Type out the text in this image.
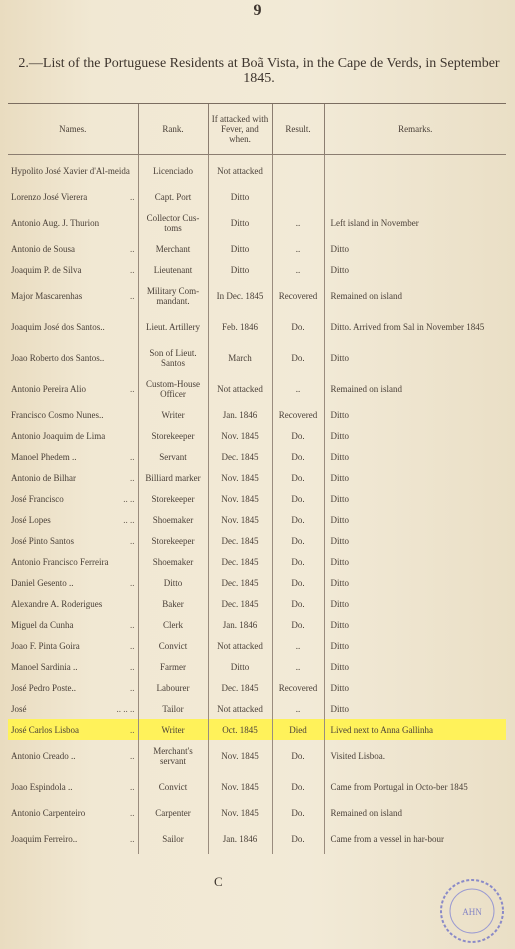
9
2.—List of the Portuguese Residents at Boã Vista, in the Cape de Verds, in September 1845.
Names.	Rank.	If attacked with Fever, and when.	Result.	Remarks.

Hypolito José Xavier d'Al-meida	Licenciado	Not attacked		

Lorenzo José Vierera ..	Capt. Port	Ditto		

Antonio Aug. J. Thurion	Collector Cus-toms	Ditto	..	Left island in November

Antonio de Sousa ..	Merchant	Ditto	..	Ditto

Joaquim P. de Silva ..	Lieutenant	Ditto	..	Ditto

Major Mascarenhas ..	Military Com-mandant.	In Dec. 1845	Recovered	Remained on island

Joaquim José dos Santos..	Lieut. Artillery	Feb. 1846	Do.	Ditto. Arrived from Sal in November 1845

Joao Roberto dos Santos..	Son of Lieut. Santos	March	Do.	Ditto

Antonio Pereira Alio ..	Custom-House Officer	Not attacked	..	Remained on island

Francisco Cosmo Nunes..	Writer	Jan. 1846	Recovered	Ditto

Antonio Joaquim de Lima	Storekeeper	Nov. 1845	Do.	Ditto

Manoel Phedem .. ..	Servant	Dec. 1845	Do.	Ditto

Antonio de Bilhar ..	Billiard marker	Nov. 1845	Do.	Ditto

José Francisco .. ..	Storekeeper	Nov. 1845	Do.	Ditto

José Lopes .. ..	Shoemaker	Nov. 1845	Do.	Ditto

José Pinto Santos ..	Storekeeper	Dec. 1845	Do.	Ditto

Antonio Francisco Ferreira	Shoemaker	Dec. 1845	Do.	Ditto

Daniel Gesento .. ..	Ditto	Dec. 1845	Do.	Ditto

Alexandre A. Roderigues	Baker	Dec. 1845	Do.	Ditto

Miguel da Cunha ..	Clerk	Jan. 1846	Do.	Ditto

Joao F. Pinta Goira ..	Convict	Not attacked	..	Ditto

Manoel Sardinia .. ..	Farmer	Ditto	..	Ditto

José Pedro Poste.. ..	Labourer	Dec. 1845	Recovered	Ditto

José .. .. ..	Tailor	Not attacked	..	Ditto

José Carlos Lisboa ..	Writer	Oct. 1845	Died	Lived next to Anna Gallinha

Antonio Creado .. ..	Merchant's servant	Nov. 1845	Do.	Visited Lisboa.

Joao Espindola .. ..	Convict	Nov. 1845	Do.	Came from Portugal in Octo-ber 1845

Antonio Carpenteiro ..	Carpenter	Nov. 1845	Do.	Remained on island

Joaquim Ferreiro.. ..	Sailor	Jan. 1846	Do.	Came from a vessel in har-bour
C
AHN
